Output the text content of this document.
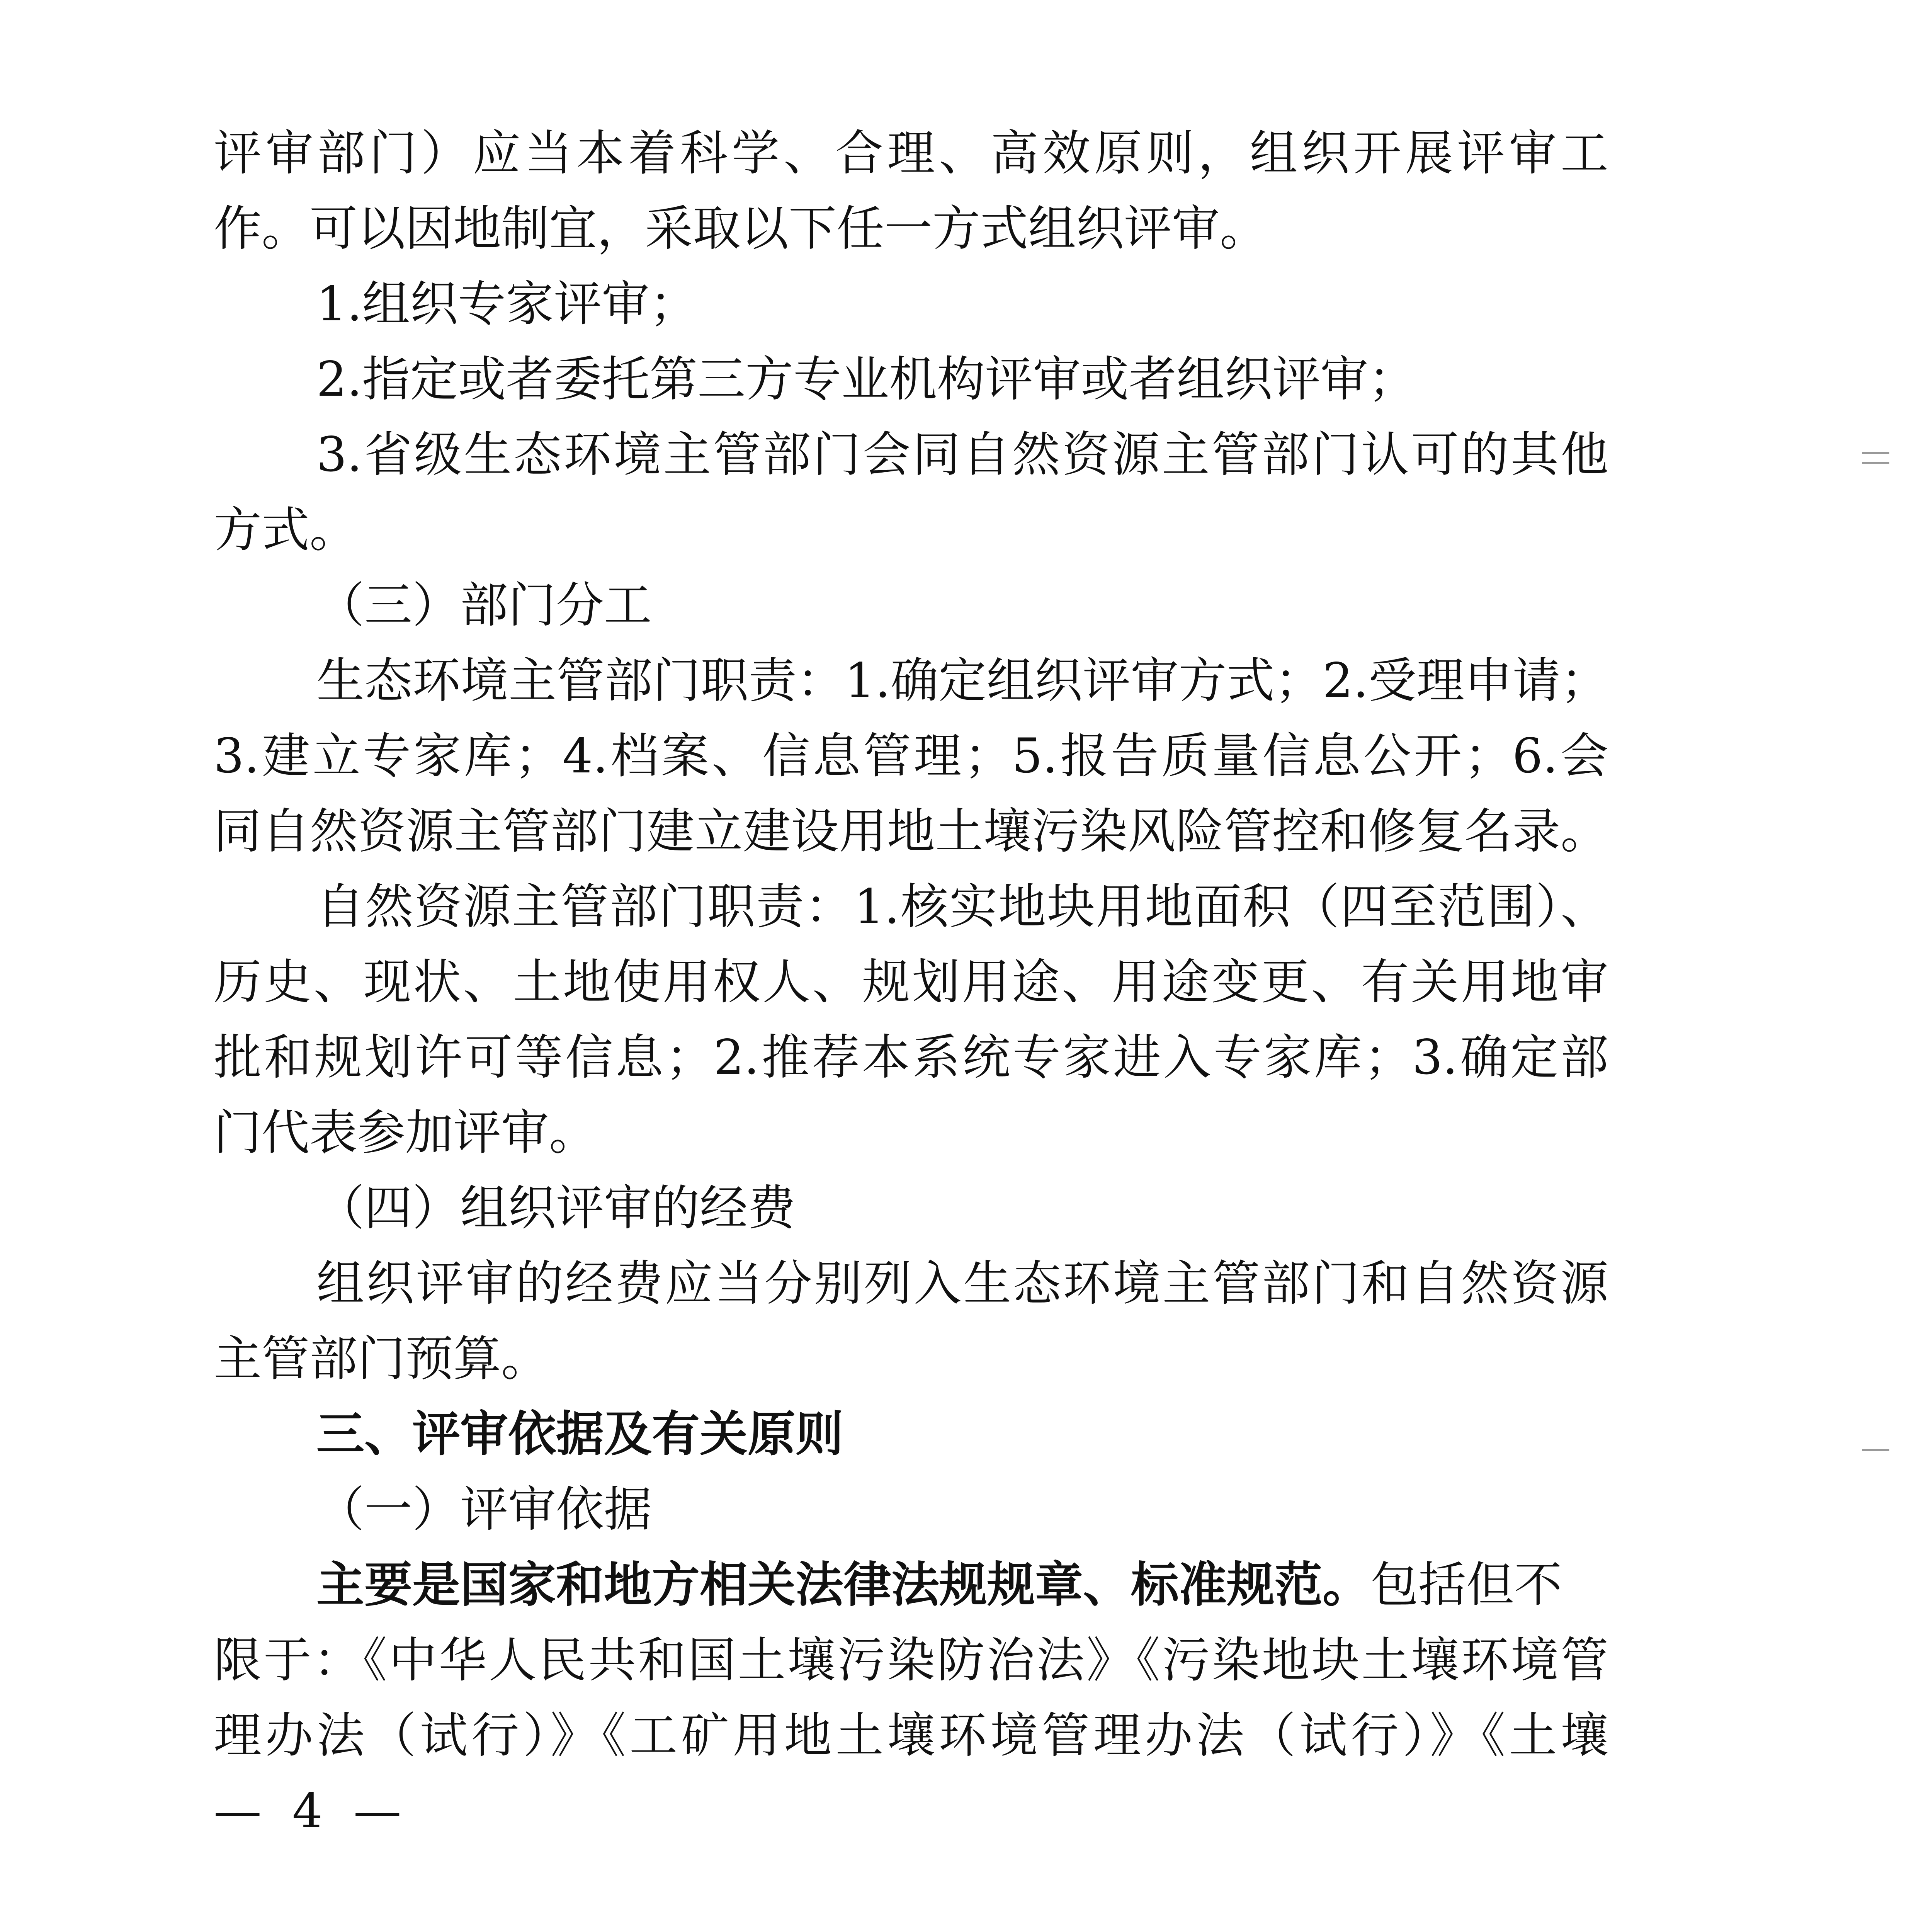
评审部门）应当本着科学、合理、高效原则，组织开展评审工
作。可以因地制宜，采取以下任一方式组织评审。
1.组织专家评审；
2.指定或者委托第三方专业机构评审或者组织评审；
3.省级生态环境主管部门会同自然资源主管部门认可的其他
方式。
（三）部门分工
生态环境主管部门职责：1.确定组织评审方式；2.受理申请；
3.建立专家库；4.档案、信息管理；5.报告质量信息公开；6.会
同自然资源主管部门建立建设用地土壤污染风险管控和修复名录。
自然资源主管部门职责：1.核实地块用地面积（四至范围）、
历史、现状、土地使用权人、规划用途、用途变更、有关用地审
批和规划许可等信息；2.推荐本系统专家进入专家库；3.确定部
门代表参加评审。
（四）组织评审的经费
组织评审的经费应当分别列入生态环境主管部门和自然资源
主管部门预算。
三、评审依据及有关原则
（一）评审依据
主要是国家和地方相关法律法规规章、标准规范。包括但不
限于：《中华人民共和国土壤污染防治法》《污染地块土壤环境管
理办法（试行）》《工矿用地土壤环境管理办法（试行）》《土壤
— 4 —
